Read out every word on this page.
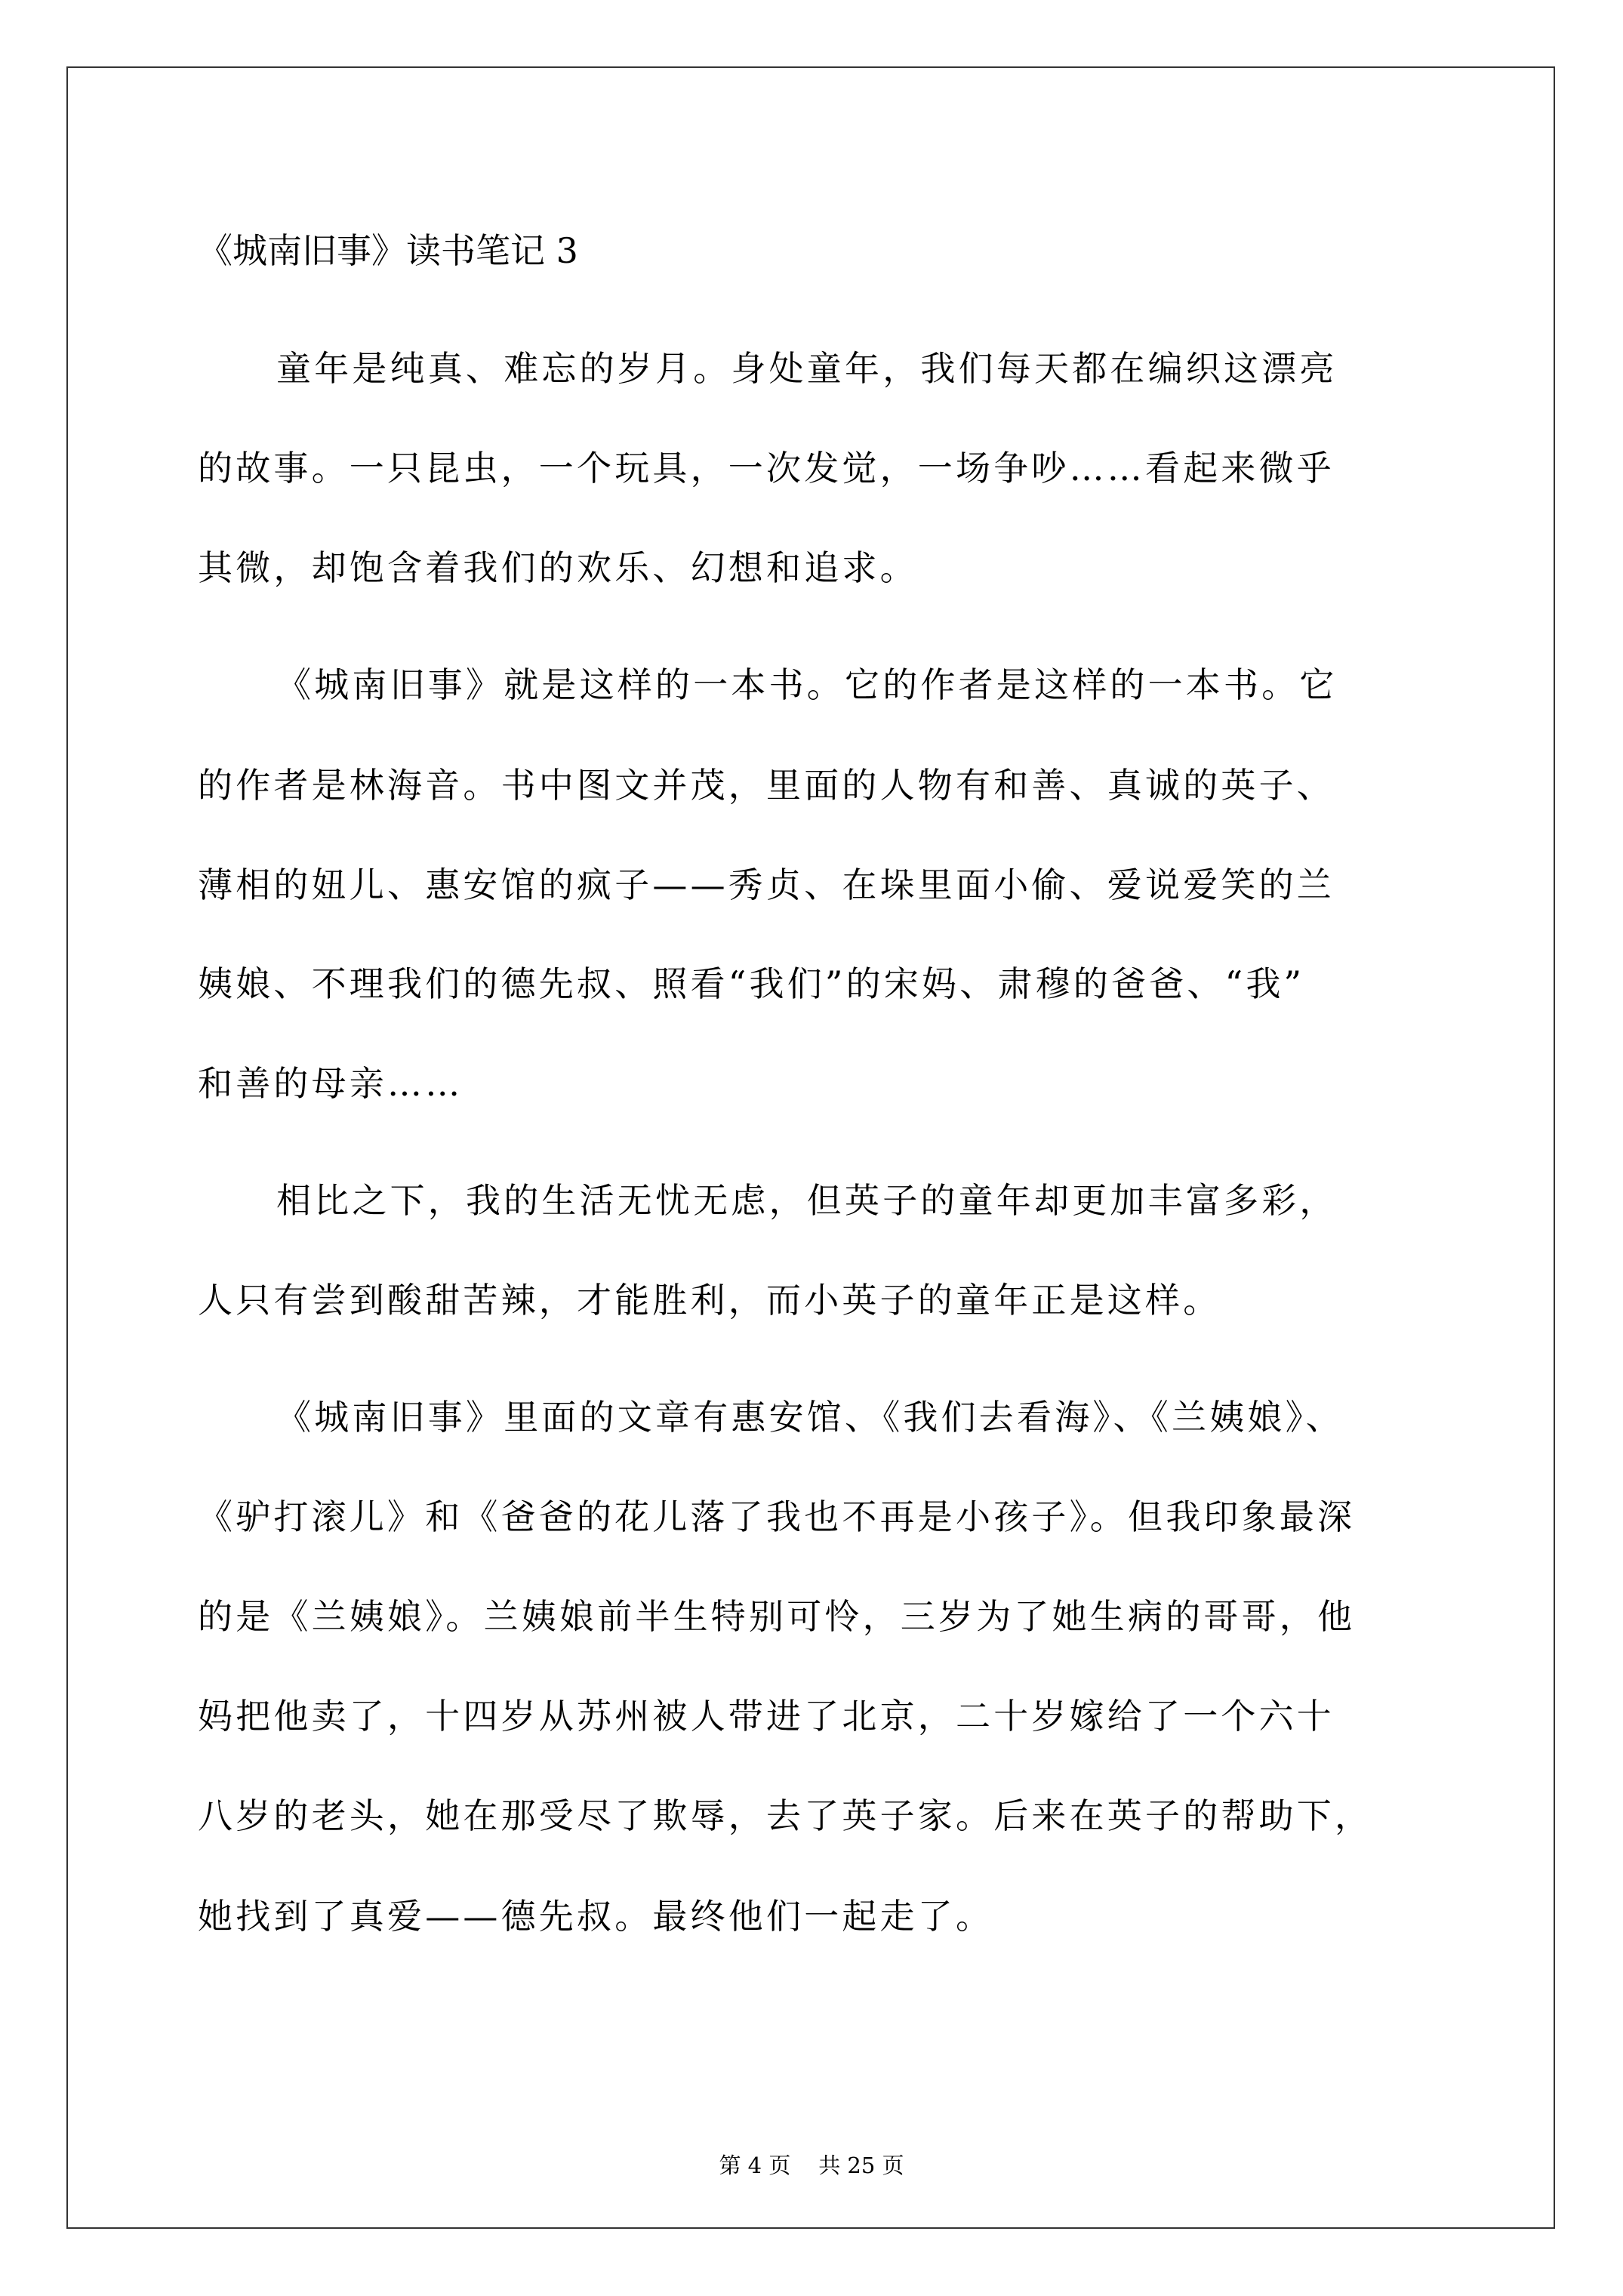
《城南旧事》读书笔记 3
童年是纯真、难忘的岁月。身处童年，我们每天都在编织这漂亮
的故事。一只昆虫，一个玩具，一次发觉，一场争吵……看起来微乎
其微，却饱含着我们的欢乐、幻想和追求。
《城南旧事》就是这样的一本书。它的作者是这样的一本书。它
的作者是林海音。书中图文并茂，里面的人物有和善、真诚的英子、
薄相的妞儿、惠安馆的疯子——秀贞、在垛里面小偷、爱说爱笑的兰
姨娘、不理我们的德先叔、照看“我们”的宋妈、肃穆的爸爸、“我”
和善的母亲……
相比之下，我的生活无忧无虑，但英子的童年却更加丰富多彩，
人只有尝到酸甜苦辣，才能胜利，而小英子的童年正是这样。
《城南旧事》里面的文章有惠安馆、《我们去看海》、《兰姨娘》、
《驴打滚儿》和《爸爸的花儿落了我也不再是小孩子》。但我印象最深
的是《兰姨娘》。兰姨娘前半生特别可怜，三岁为了她生病的哥哥，他
妈把他卖了，十四岁从苏州被人带进了北京，二十岁嫁给了一个六十
八岁的老头，她在那受尽了欺辱，去了英子家。后来在英子的帮助下，
她找到了真爱——德先叔。最终他们一起走了。
第 4 页    共 25 页
